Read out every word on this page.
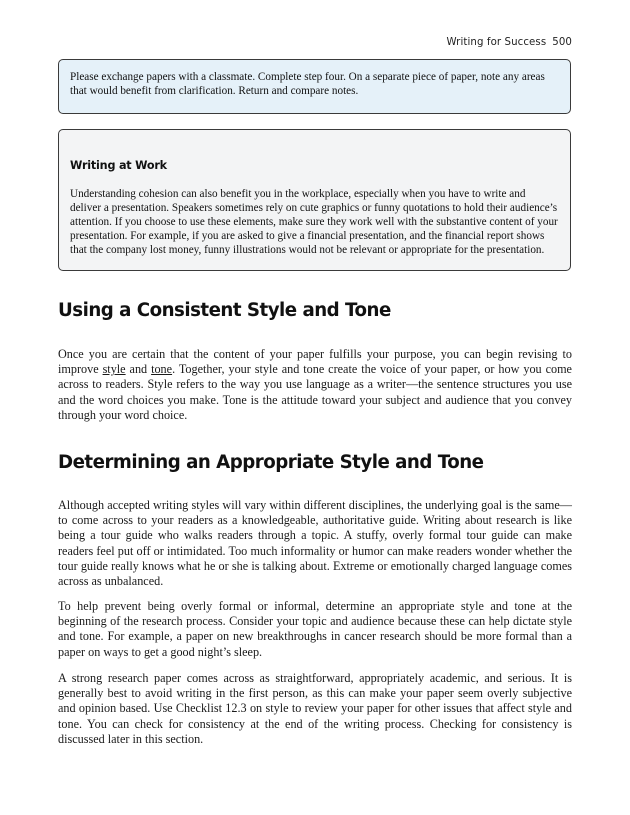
Writing for Success 500

Please exchange papers with a classmate. Complete step four. On a separate piece of paper, note any areas that would benefit from clarification. Return and compare notes.

Writing at Work

Understanding cohesion can also benefit you in the workplace, especially when you have to write and deliver a presentation. Speakers sometimes rely on cute graphics or funny quotations to hold their audience’s attention. If you choose to use these elements, make sure they work well with the substantive content of your presentation. For example, if you are asked to give a financial presentation, and the financial report shows that the company lost money, funny illustrations would not be relevant or appropriate for the presentation.

Using a Consistent Style and Tone

Once you are certain that the content of your paper fulfills your purpose, you can begin revising to improve style and tone. Together, your style and tone create the voice of your paper, or how you come across to readers. Style refers to the way you use language as a writer—the sentence structures you use and the word choices you make. Tone is the attitude toward your subject and audience that you convey through your word choice.

Determining an Appropriate Style and Tone

Although accepted writing styles will vary within different disciplines, the underlying goal is the same—to come across to your readers as a knowledgeable, authoritative guide. Writing about research is like being a tour guide who walks readers through a topic. A stuffy, overly formal tour guide can make readers feel put off or intimidated. Too much informality or humor can make readers wonder whether the tour guide really knows what he or she is talking about. Extreme or emotionally charged language comes across as unbalanced.

To help prevent being overly formal or informal, determine an appropriate style and tone at the beginning of the research process. Consider your topic and audience because these can help dictate style and tone. For example, a paper on new breakthroughs in cancer research should be more formal than a paper on ways to get a good night’s sleep.

A strong research paper comes across as straightforward, appropriately academic, and serious. It is generally best to avoid writing in the first person, as this can make your paper seem overly subjective and opinion based. Use Checklist 12.3 on style to review your paper for other issues that affect style and tone. You can check for consistency at the end of the writing process. Checking for consistency is discussed later in this section.
